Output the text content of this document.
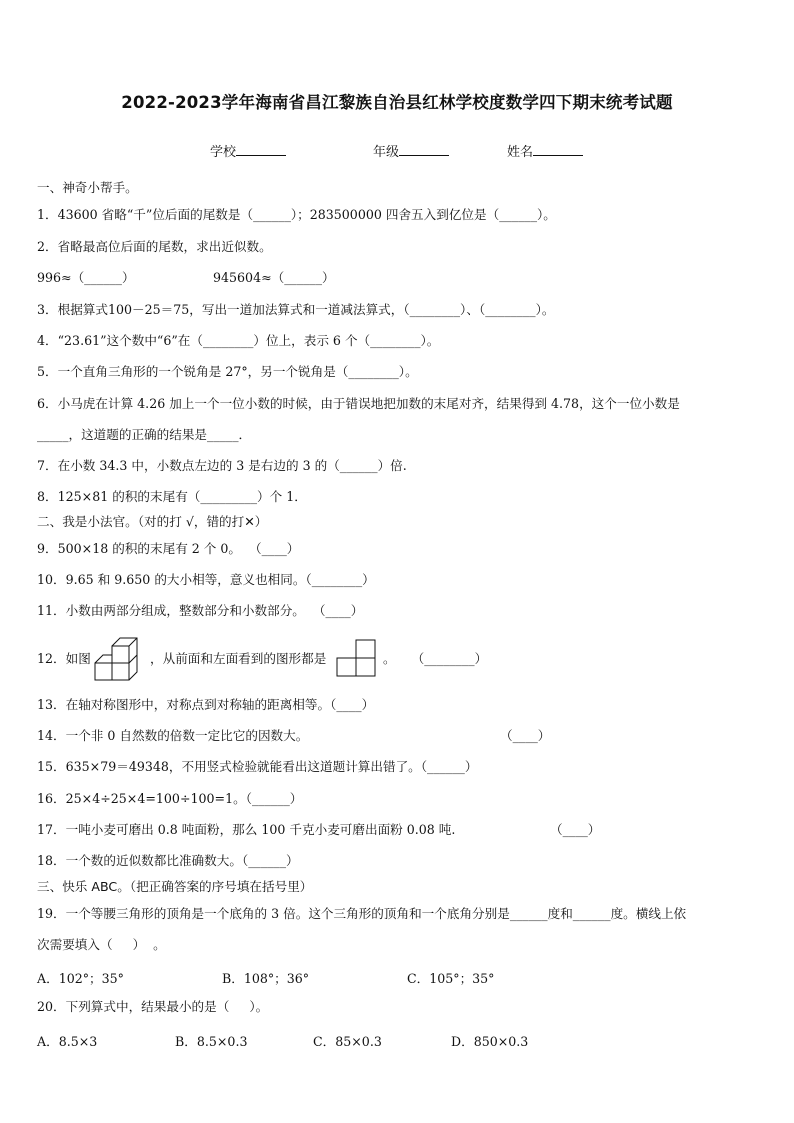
2022-2023学年海南省昌江黎族自治县红林学校度数学四下期末统考试题
学校	年级	姓名
一、神奇小帮手。
1．43600 省略“千”位后面的尾数是（______）；283500000 四舍五入到亿位是（______）。
2．省略最高位后面的尾数，求出近似数。
996≈（______）	945604≈（______）
3．根据算式100－25＝75，写出一道加法算式和一道减法算式，（________）、（________）。
4．“23.61”这个数中“6”在（________）位上，表示 6 个（________）。
5．一个直角三角形的一个锐角是 27°，另一个锐角是（________）。
6．小马虎在计算 4.26 加上一个一位小数的时候，由于错误地把加数的末尾对齐，结果得到 4.78，这个一位小数是
_____，这道题的正确的结果是_____．
7．在小数 34.3 中，小数点左边的 3 是右边的 3 的（______）倍.
8．125×81 的积的末尾有（_________）个 1．
二、我是小法官。（对的打 √，错的打✕）
9．500×18 的积的末尾有 2 个 0。  （____）
10．9.65 和 9.650 的大小相等，意义也相同。（________）
11．小数由两部分组成，整数部分和小数部分。  （____）
12．如图	，从前面和左面看到的图形都是	。    （________）
13．在轴对称图形中，对称点到对称轴的距离相等。（____）
14．一个非 0 自然数的倍数一定比它的因数大。	（____）
15．635×79＝49348，不用竖式检验就能看出这道题计算出错了。（______）
16．25×4÷25×4=100÷100=1。（______）
17．一吨小麦可磨出 0.8 吨面粉，那么 100 千克小麦可磨出面粉 0.08 吨.	（____）
18．一个数的近似数都比准确数大。（______）
三、快乐 ABC。（把正确答案的序号填在括号里）
19．一个等腰三角形的顶角是一个底角的 3 倍。这个三角形的顶角和一个底角分别是______度和______度。横线上依
次需要填入（     ）  。
A．102°；35°	B．108°；36°	C．105°；35°
20．下列算式中，结果最小的是（     ）。
A．8.5×3	B．8.5×0.3	C．85×0.3	D．850×0.3
